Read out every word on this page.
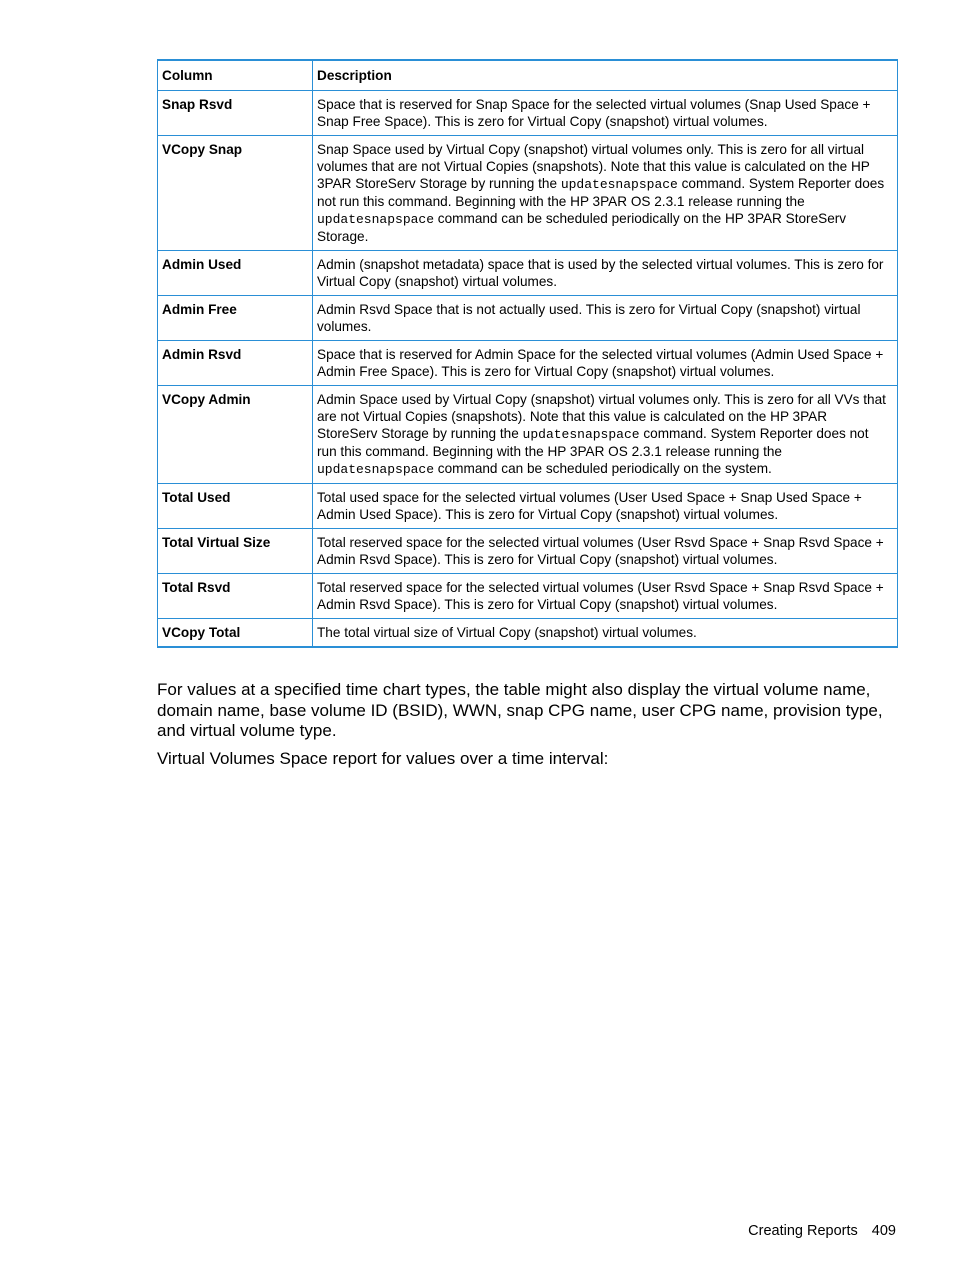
Column	Description
Snap Rsvd	Space that is reserved for Snap Space for the selected virtual volumes (Snap Used Space + Snap Free Space). This is zero for Virtual Copy (snapshot) virtual volumes.
VCopy Snap	Snap Space used by Virtual Copy (snapshot) virtual volumes only. This is zero for all virtual volumes that are not Virtual Copies (snapshots). Note that this value is calculated on the HP 3PAR StoreServ Storage by running the updatesnapspace command. System Reporter does not run this command. Beginning with the HP 3PAR OS 2.3.1 release running the updatesnapspace command can be scheduled periodically on the HP 3PAR StoreServ Storage.
Admin Used	Admin (snapshot metadata) space that is used by the selected virtual volumes. This is zero for Virtual Copy (snapshot) virtual volumes.
Admin Free	Admin Rsvd Space that is not actually used. This is zero for Virtual Copy (snapshot) virtual volumes.
Admin Rsvd	Space that is reserved for Admin Space for the selected virtual volumes (Admin Used Space + Admin Free Space). This is zero for Virtual Copy (snapshot) virtual volumes.
VCopy Admin	Admin Space used by Virtual Copy (snapshot) virtual volumes only. This is zero for all VVs that are not Virtual Copies (snapshots). Note that this value is calculated on the HP 3PAR StoreServ Storage by running the updatesnapspace command. System Reporter does not run this command. Beginning with the HP 3PAR OS 2.3.1 release running the updatesnapspace command can be scheduled periodically on the system.
Total Used	Total used space for the selected virtual volumes (User Used Space + Snap Used Space + Admin Used Space). This is zero for Virtual Copy (snapshot) virtual volumes.
Total Virtual Size	Total reserved space for the selected virtual volumes (User Rsvd Space + Snap Rsvd Space + Admin Rsvd Space). This is zero for Virtual Copy (snapshot) virtual volumes.
Total Rsvd	Total reserved space for the selected virtual volumes (User Rsvd Space + Snap Rsvd Space + Admin Rsvd Space). This is zero for Virtual Copy (snapshot) virtual volumes.
VCopy Total	The total virtual size of Virtual Copy (snapshot) virtual volumes.

For values at a specified time chart types, the table might also display the virtual volume name, domain name, base volume ID (BSID), WWN, snap CPG name, user CPG name, provision type, and virtual volume type.

Virtual Volumes Space report for values over a time interval:

Creating Reports 409
